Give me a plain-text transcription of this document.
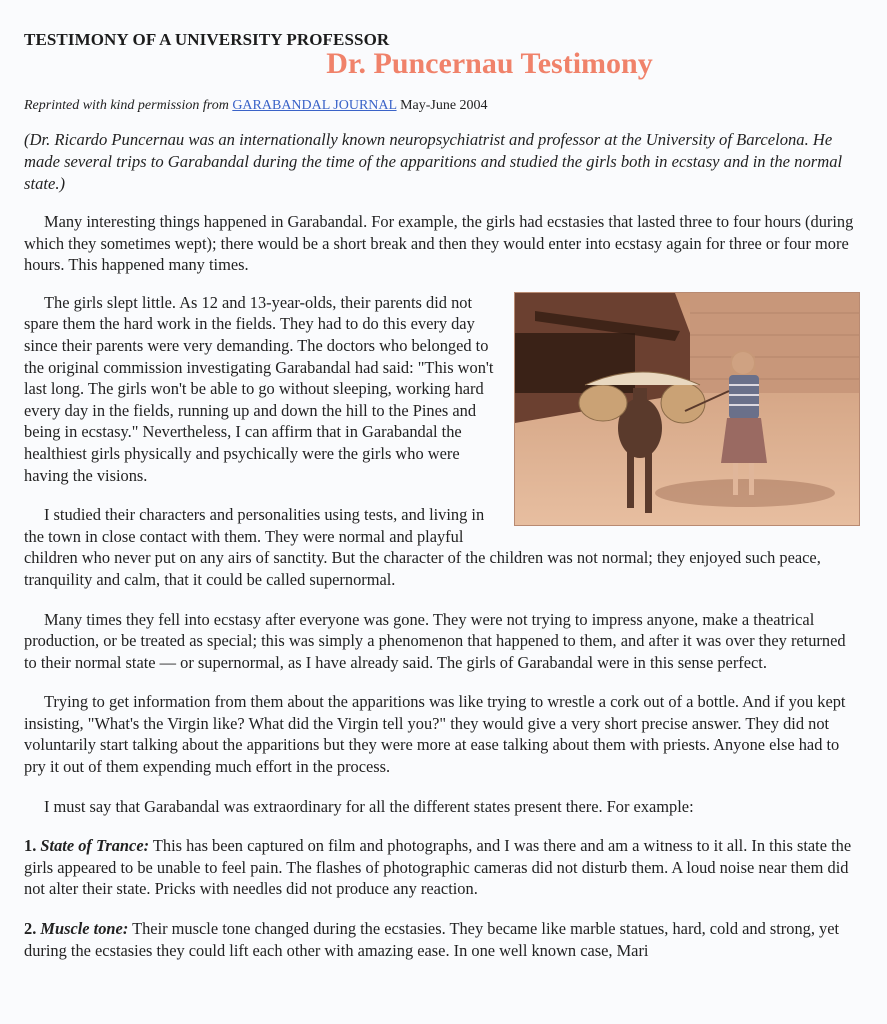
TESTIMONY OF A UNIVERSITY PROFESSOR
Dr. Puncernau Testimony
Reprinted with kind permission from GARABANDAL JOURNAL May-June 2004

(Dr. Ricardo Puncernau was an internationally known neuropsychiatrist and professor at the University of Barcelona. He made several trips to Garabandal during the time of the apparitions and studied the girls both in ecstasy and in the normal state.)

Many interesting things happened in Garabandal. For example, the girls had ecstasies that lasted three to four hours (during which they sometimes wept); there would be a short break and then they would enter into ecstasy again for three or four more hours. This happened many times.

The girls slept little. As 12 and 13-year-olds, their parents did not spare them the hard work in the fields. They had to do this every day since their parents were very demanding. The doctors who belonged to the original commission investigating Garabandal had said: "This won't last long. The girls won't be able to go without sleeping, working hard every day in the fields, running up and down the hill to the Pines and being in ecstasy." Nevertheless, I can affirm that in Garabandal the healthiest girls physically and psychically were the girls who were having the visions.

I studied their characters and personalities using tests, and living in the town in close contact with them. They were normal and playful children who never put on any airs of sanctity. But the character of the children was not normal; they enjoyed such peace, tranquility and calm, that it could be called supernormal.

Many times they fell into ecstasy after everyone was gone. They were not trying to impress anyone, make a theatrical production, or be treated as special; this was simply a phenomenon that happened to them, and after it was over they returned to their normal state — or supernormal, as I have already said. The girls of Garabandal were in this sense perfect.

Trying to get information from them about the apparitions was like trying to wrestle a cork out of a bottle. And if you kept insisting, "What's the Virgin like? What did the Virgin tell you?" they would give a very short precise answer. They did not voluntarily start talking about the apparitions but they were more at ease talking about them with priests. Anyone else had to pry it out of them expending much effort in the process.

I must say that Garabandal was extraordinary for all the different states present there. For example:

1. State of Trance: This has been captured on film and photographs, and I was there and am a witness to it all. In this state the girls appeared to be unable to feel pain. The flashes of photographic cameras did not disturb them. A loud noise near them did not alter their state. Pricks with needles did not produce any reaction.

2. Muscle tone: Their muscle tone changed during the ecstasies. They became like marble statues, hard, cold and strong, yet during the ecstasies they could lift each other with amazing ease. In one well known case, Mari
